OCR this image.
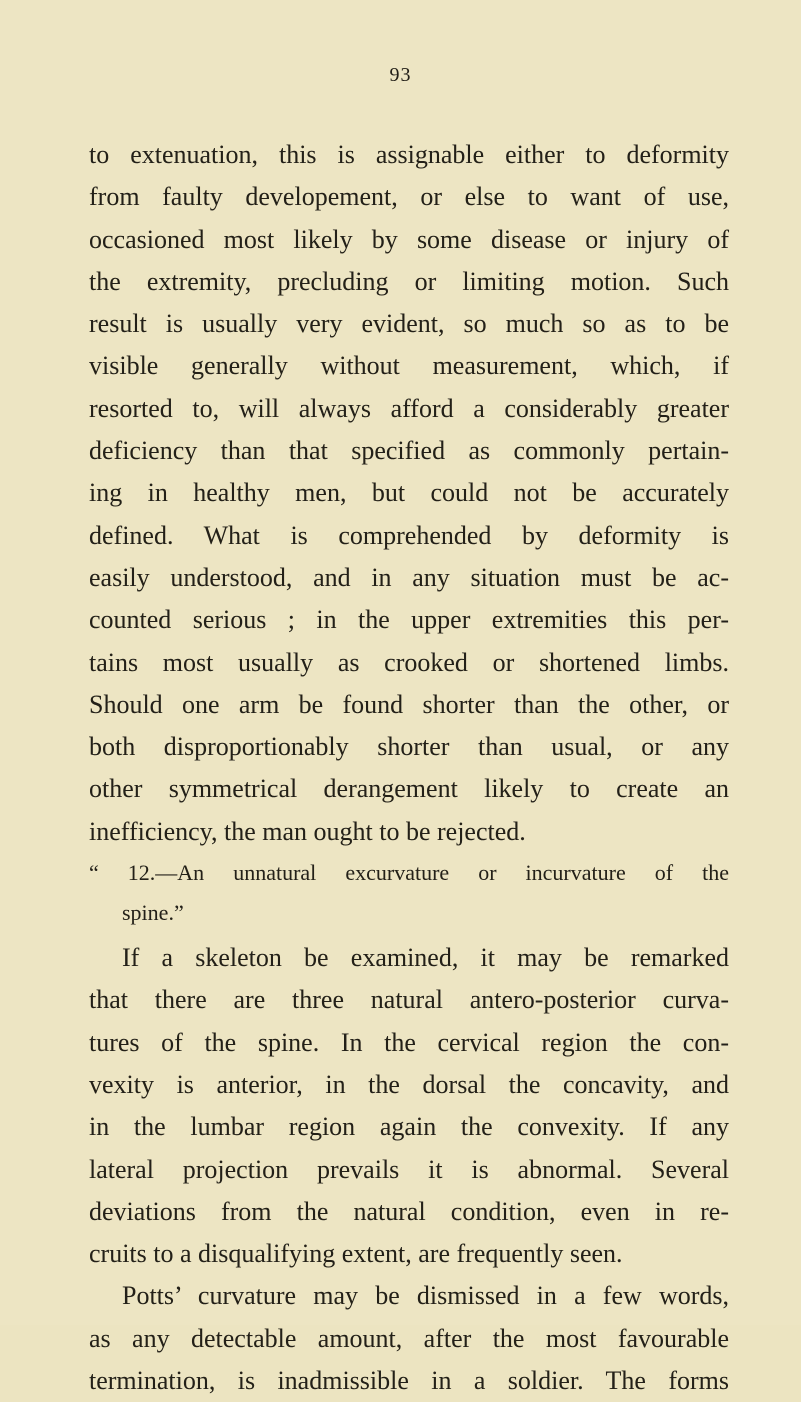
93
to extenuation, this is assignable either to deformity
from faulty developement, or else to want of use,
occasioned most likely by some disease or injury of
the extremity, precluding or limiting motion. Such
result is usually very evident, so much so as to be
visible generally without measurement, which, if
resorted to, will always afford a considerably greater
deficiency than that specified as commonly pertain-
ing in healthy men, but could not be accurately
defined. What is comprehended by deformity is
easily understood, and in any situation must be ac-
counted serious ; in the upper extremities this per-
tains most usually as crooked or shortened limbs.
Should one arm be found shorter than the other, or
both disproportionably shorter than usual, or any
other symmetrical derangement likely to create an
inefficiency, the man ought to be rejected.
“ 12.—An unnatural excurvature or incurvature of the
spine.”
If a skeleton be examined, it may be remarked
that there are three natural antero-posterior curva-
tures of the spine. In the cervical region the con-
vexity is anterior, in the dorsal the concavity, and
in the lumbar region again the convexity. If any
lateral projection prevails it is abnormal. Several
deviations from the natural condition, even in re-
cruits to a disqualifying extent, are frequently seen.
Potts’ curvature may be dismissed in a few words,
as any detectable amount, after the most favourable
termination, is inadmissible in a soldier. The forms
